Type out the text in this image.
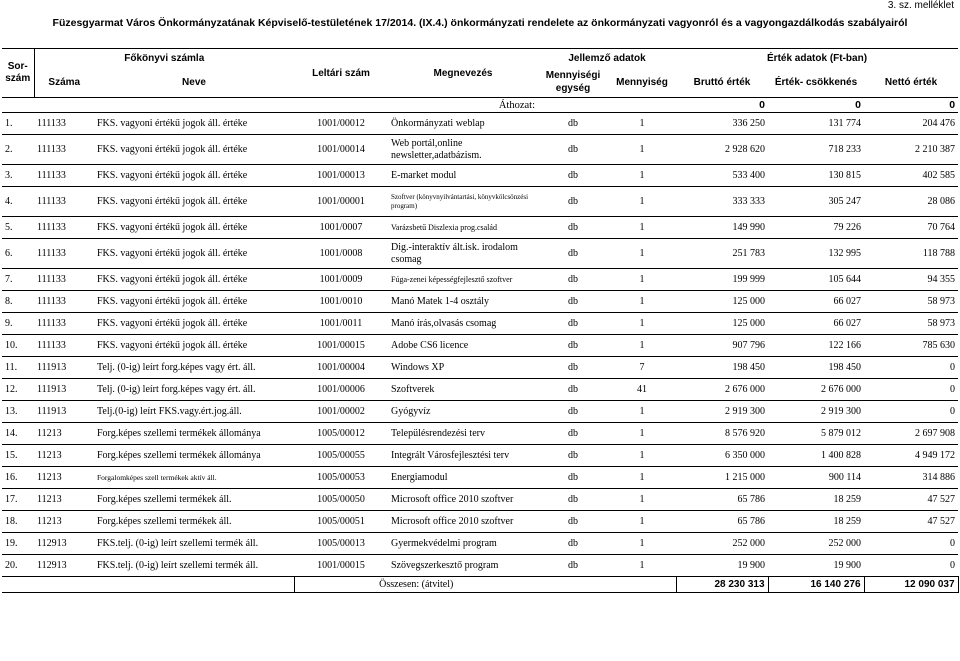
3. sz. melléklet
Füzesgyarmat Város Önkormányzatának Képviselő-testületének 17/2014. (IX.4.) önkormányzati rendelete az önkormányzati vagyonról és a vagyongazdálkodás szabályairól
Sor-szám	Főkönyvi számla		Leltári szám	Megnevezés	Jellemző adatok		Érték adatok (Ft-ban)		
	Száma	Neve			Mennyiségi egység	Mennyiség	Bruttó érték	Érték- csökkenés	Nettó érték
Áthozat:							0	0	0
1.	111133	FKS. vagyoni értékű jogok áll. értéke	1001/00012	Önkormányzati weblap	db	1	336 250	131 774	204 476
2.	111133	FKS. vagyoni értékű jogok áll. értéke	1001/00014	Web portál,online newsletter,adatbázism.	db	1	2 928 620	718 233	2 210 387
3.	111133	FKS. vagyoni értékű jogok áll. értéke	1001/00013	E-market modul	db	1	533 400	130 815	402 585
4.	111133	FKS. vagyoni értékű jogok áll. értéke	1001/00001	Szoftver (könyvnyilvántartási, könyvkölcsönzési program)	db	1	333 333	305 247	28 086
5.	111133	FKS. vagyoni értékű jogok áll. értéke	1001/0007	Varázsbetű Diszlexia prog.család	db	1	149 990	79 226	70 764
6.	111133	FKS. vagyoni értékű jogok áll. értéke	1001/0008	Dig.-interaktív ált.isk. irodalom csomag	db	1	251 783	132 995	118 788
7.	111133	FKS. vagyoni értékű jogok áll. értéke	1001/0009	Fúga-zenei képességfejlesztő szoftver	db	1	199 999	105 644	94 355
8.	111133	FKS. vagyoni értékű jogok áll. értéke	1001/0010	Manó Matek 1-4 osztály	db	1	125 000	66 027	58 973
9.	111133	FKS. vagyoni értékű jogok áll. értéke	1001/0011	Manó írás,olvasás csomag	db	1	125 000	66 027	58 973
10.	111133	FKS. vagyoni értékű jogok áll. értéke	1001/00015	Adobe CS6 licence	db	1	907 796	122 166	785 630
11.	111913	Telj. (0-ig) leírt forg.képes vagy ért. áll.	1001/00004	Windows XP	db	7	198 450	198 450	0
12.	111913	Telj. (0-ig) leírt forg.képes vagy ért. áll.	1001/00006	Szoftverek	db	41	2 676 000	2 676 000	0
13.	111913	Telj.(0-ig) leírt FKS.vagy.ért.jog.áll.	1001/00002	Gyógyvíz	db	1	2 919 300	2 919 300	0
14.	11213	Forg.képes szellemi termékek állománya	1005/00012	Településrendezési terv	db	1	8 576 920	5 879 012	2 697 908
15.	11213	Forg.képes szellemi termékek állománya	1005/00055	Integrált Városfejlesztési terv	db	1	6 350 000	1 400 828	4 949 172
16.	11213	Forgalomképes szell termékek aktív áll.	1005/00053	Energiamodul	db	1	1 215 000	900 114	314 886
17.	11213	Forg.képes szellemi termékek áll.	1005/00050	Microsoft office 2010 szoftver	db	1	65 786	18 259	47 527
18.	11213	Forg.képes szellemi termékek áll.	1005/00051	Microsoft office 2010 szoftver	db	1	65 786	18 259	47 527
19.	112913	FKS.telj. (0-ig) leírt szellemi termék áll.	1005/00013	Gyermekvédelmi program	db	1	252 000	252 000	0
20.	112913	FKS.telj. (0-ig) leírt szellemi termék áll.	1001/00015	Szövegszerkesztő program	db	1	19 900	19 900	0
			Összesen: (átvitel)				28 230 313	16 140 276	12 090 037
